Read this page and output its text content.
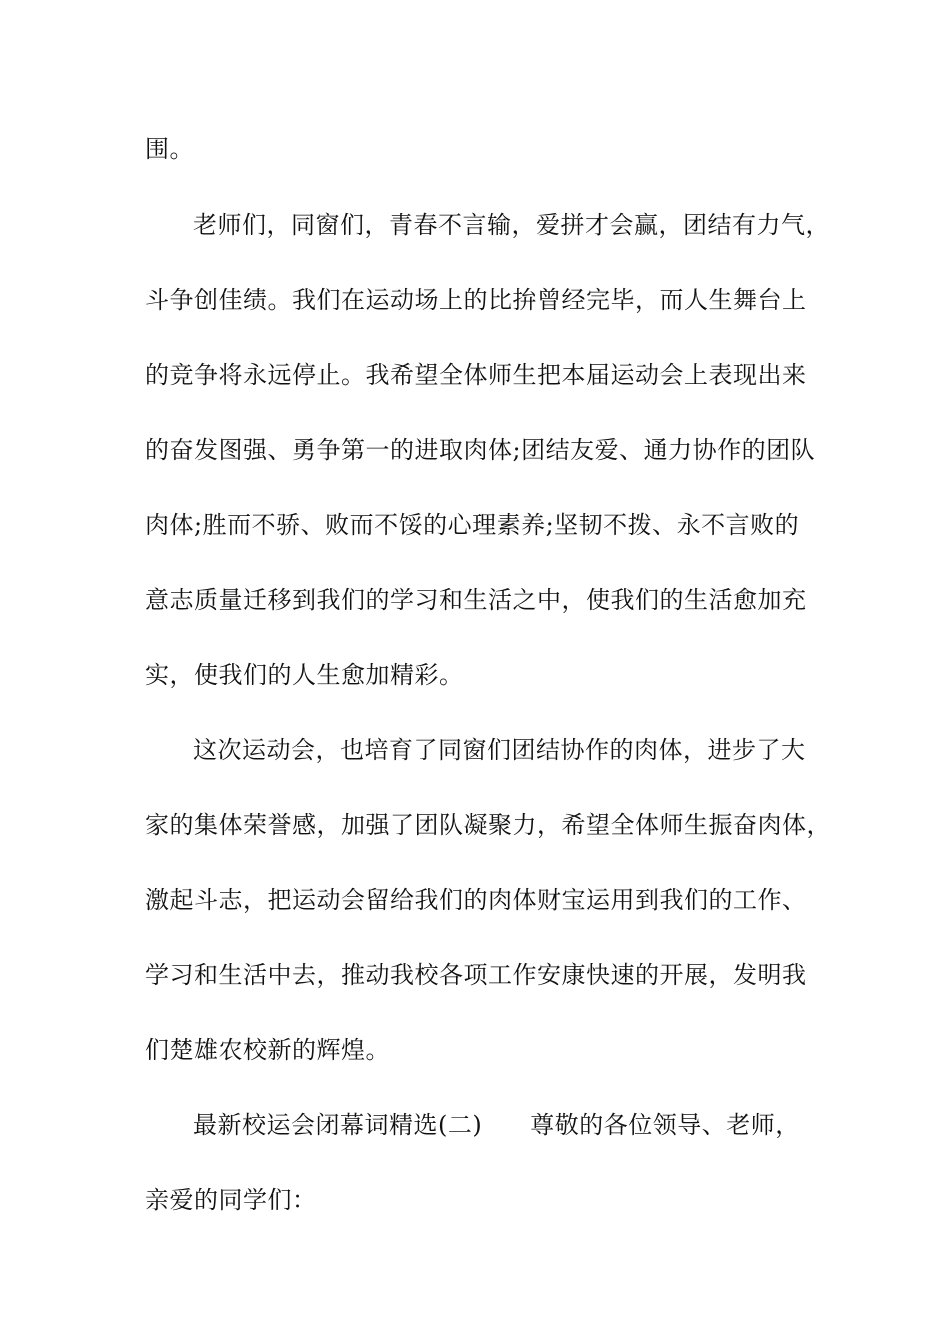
围。
老师们，同窗们，青春不言输，爱拼才会赢，团结有力气，
斗争创佳绩。我们在运动场上的比拚曾经完毕，而人生舞台上
的竞争将永远停止。我希望全体师生把本届运动会上表现出来
的奋发图强、勇争第一的进取肉体;团结友爱、通力协作的团队
肉体;胜而不骄、败而不馁的心理素养;坚韧不拨、永不言败的
意志质量迁移到我们的学习和生活之中，使我们的生活愈加充
实，使我们的人生愈加精彩。
这次运动会，也培育了同窗们团结协作的肉体，进步了大
家的集体荣誉感，加强了团队凝聚力，希望全体师生振奋肉体，
激起斗志，把运动会留给我们的肉体财宝运用到我们的工作、
学习和生活中去，推动我校各项工作安康快速的开展，发明我
们楚雄农校新的辉煌。
最新校运会闭幕词精选(二) 尊敬的各位领导、老师，
亲爱的同学们：
